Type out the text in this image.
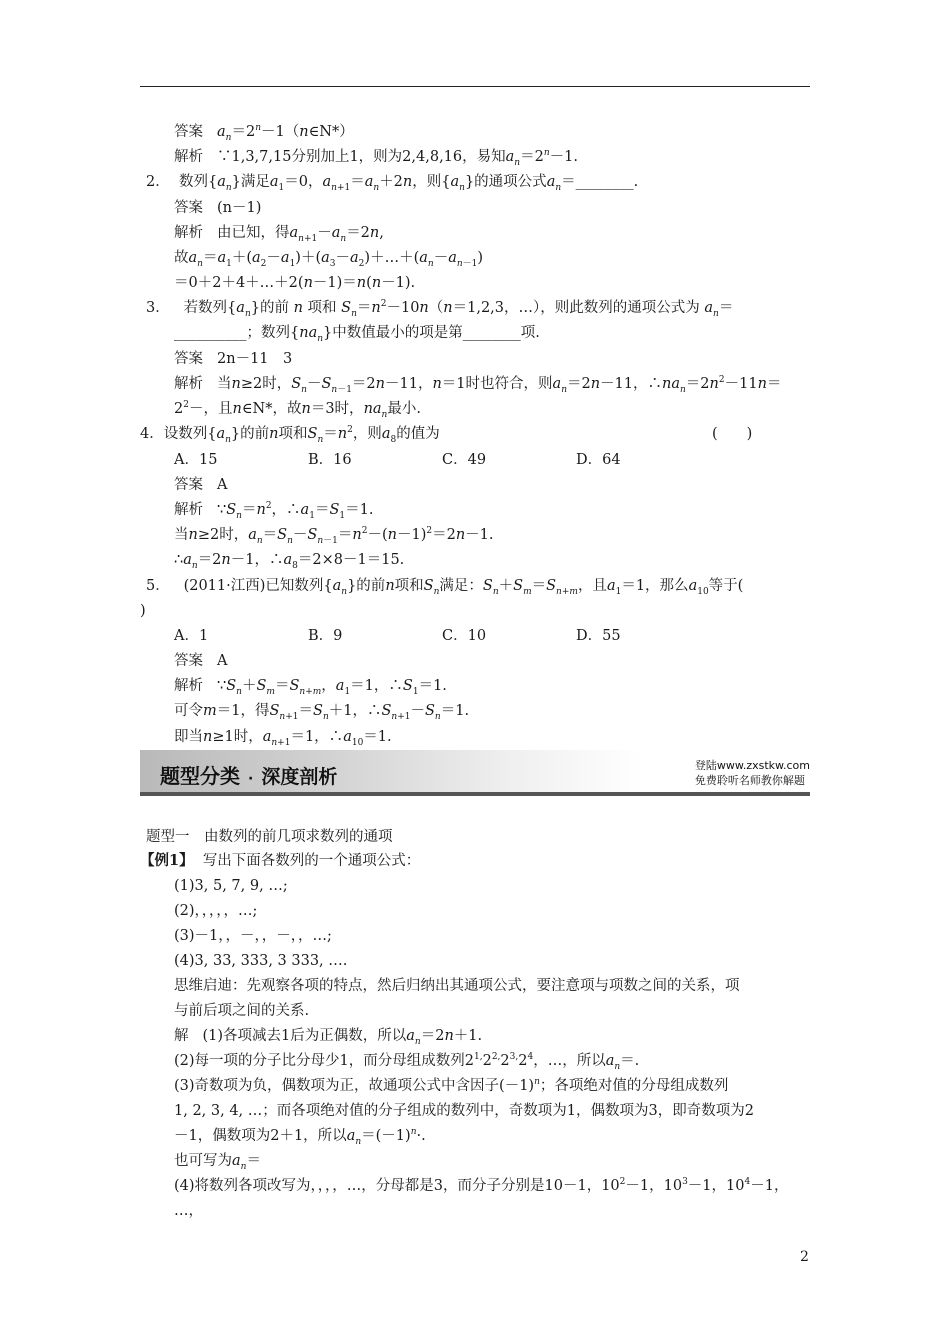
答案 $a_n=2^n-1(n\in N*)$
解析 ∵1,3,7,15分别加上1，则为2,4,8,16，易知$a_n=2^n-1$.
2． 数列$\{a_n\}$满足$a_1=0$，$a_{n+1}=a_n+2n$，则$\{a_n\}$的通项公式$a_n=\_\_\_\_\_\_\_\_$.
答案 (n－1)
解析 由已知，得$a_{n+1}-a_n=2n$,
故$a_n=a_1+(a_2-a_1)+(a_3-a_2)+\dots+(a_n-a_{n-1})$
＝0＋2＋4＋…＋2(n－1)＝n(n－1).
3． 若数列$\{a_n\}$的前 n 项和 $S_n=n^2-10n(n=1,2,3$，…），则此数列的通项公式为 $a_n=$
__________；数列$\{na_n\}$中数值最小的项是第________项.
答案 2n－11　3
解析 当n≥2时，$S_n-S_{n-1}=2n-11$，n＝1时也符合，则$a_n=2n-11$，$\therefore na_n=2n^2-11n=$
$2^2-$，且n∈N*，故n＝3时，$na_n$最小.
4．设数列$\{a_n\}$的前n项和$S_n=n^2$，则$a_8$的值为	(　　)
A．15	B．16	C．49	D．64
答案 A
解析 $\because S_n=n^2$，$\therefore a_1=S_1=1$.
当n≥2时，$a_n=S_n-S_{n-1}=n^2-(n-1)^2=2n-1$.
$\therefore a_n=2n-1$，$\therefore a_8=2\times 8-1=15$.
5． (2011·江西)已知数列$\{a_n\}$的前n项和$S_n$满足：$S_n+S_m=S_{n+m}$，且$a_1=1$，那么$a_{10}$等于(
)
A．1	B．9	C．10	D．55
答案 A
解析 $\because S_n+S_m=S_{n+m}$，$a_1=1$，$\therefore S_1=1$.
可令m＝1，得$S_{n+1}=S_n+1$，$\therefore S_{n+1}-S_n=1$.
即当n≥1时，$a_{n+1}=1$，$\therefore a_{10}=1$.
题型分类 · 深度剖析
登陆www.zxstkw.com
免费聆听名师教你解题
题型一　由数列的前几项求数列的通项
【例1】 写出下面各数列的一个通项公式：
(1)3, 5, 7, 9, …;
(2)，，，，，…;
(3)－1，，－，，－，，…;
(4)3, 33, 333, 3 333, ….
思维启迪：先观察各项的特点，然后归纳出其通项公式，要注意项与项数之间的关系，项
与前后项之间的关系.
解 (1)各项减去1后为正偶数，所以$a_n=2n+1$.
(2)每一项的分子比分母少1，而分母组成数列$2^{1,}2^{2,}2^{3,}2^4$，…，所以$a_n=$.
(3)奇数项为负，偶数项为正，故通项公式中含因子$(-1)^n$；各项绝对值的分母组成数列
1, 2, 3, 4, …；而各项绝对值的分子组成的数列中，奇数项为1，偶数项为3，即奇数项为2
－1，偶数项为2＋1，所以$a_n=(-1)^n\cdot$.
也可写为$a_n=$
(4)将数列各项改写为，，，，…，分母都是3，而分子分别是10－1，$10^2-1$，$10^3-1$，$10^4-1$，
…，
2
